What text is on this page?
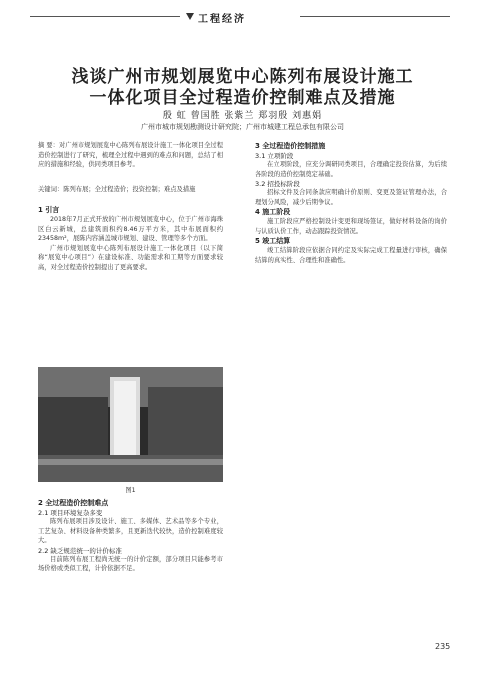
工程经济
浅谈广州市规划展览中心陈列布展设计施工
一体化项目全过程造价控制难点及措施
殷 虹 曾国胜 张紫兰 郑羽殷 刘惠娟
广州市城市规划勘测设计研究院；广州市城建工程总承包有限公司
摘 要：对广州市规划展览中心陈列布展设计施工一体化项目全过程造价控制进行了研究，梳理全过程中遇到的难点和问题，总结了相应的措施和经验，供同类项目参考。
关键词：陈列布展；全过程造价；投资控制；难点及措施
1 引言

2018年7月正式开放的广州市规划展览中心，位于广州市海珠区白云新城，总建筑面积约8.46万平方米，其中布展面积约23458m²，展陈内容涵盖城市规划、建设、管理等多个方面。

广州市规划展览中心陈列布展设计施工一体化项目（以下简称“展览中心项目”）在建设标准、功能需求和工期等方面要求较高，对全过程造价控制提出了更高要求。

图1
2 全过程造价控制难点
2.1 项目环境复杂多变

陈列布展项目涉及设计、施工、多媒体、艺术品等多个专业，工艺复杂、材料设备种类繁多，且更新迭代较快，造价控制难度较大。

2.2 缺乏规范统一的计价标准

目前陈列布展工程尚无统一的计价定额，部分项目只能参考市场价格或类似工程，计价依据不足。

3 全过程造价控制措施
3.1 立项阶段

在立项阶段，应充分调研同类项目，合理确定投资估算，为后续各阶段的造价控制奠定基础。

3.2 招投标阶段

招标文件及合同条款应明确计价原则、变更及签证管理办法，合理划分风险，减少后期争议。

4 施工阶段

施工阶段应严格控制设计变更和现场签证，做好材料设备的询价与认质认价工作，动态跟踪投资情况。

5 竣工结算

竣工结算阶段应依据合同约定及实际完成工程量进行审核，确保结算的真实性、合理性和准确性。

235
